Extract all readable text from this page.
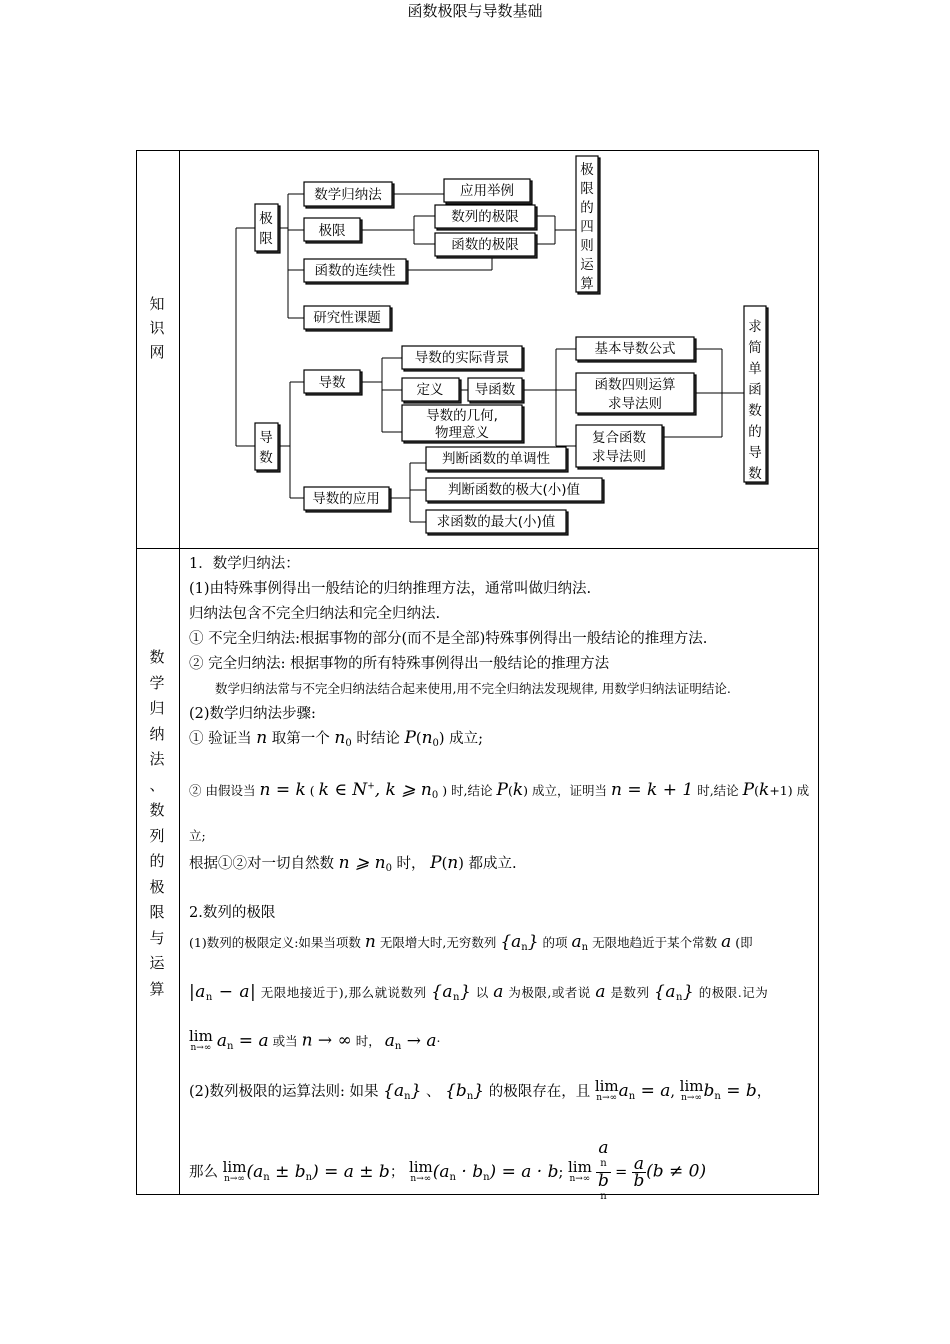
函数极限与导数基础
知
识
网
数
学
归
纳
法
、
数
列
的
极
限
与
运
算
极
限
数学归纳法	应用举例
极限
数列的极限
函数的极限
函数的连续性
研究性课题
极
限
的
四
则
运
算
导
数
导数
导数的实际背景
定义 导函数
导数的几何,
物理意义
基本导数公式
函数四则运算
求导法则
复合函数
求导法则
求
简
单
函
数
的
导
数
导数的应用
判断函数的单调性
判断函数的极大(小)值
求函数的最大(小)值
1．数学归纳法：
(1)由特殊事例得出一般结论的归纳推理方法，通常叫做归纳法.
归纳法包含不完全归纳法和完全归纳法.
① 不完全归纳法:根据事物的部分(而不是全部)特殊事例得出一般结论的推理方法.
② 完全归纳法: 根据事物的所有特殊事例得出一般结论的推理方法
数学归纳法常与不完全归纳法结合起来使用,用不完全归纳法发现规律, 用数学归纳法证明结论.
(2)数学归纳法步骤:
① 验证当 n 取第一个 $n_0$ 时结论 $P(n_0)$ 成立;
② 由假设当 n = k ( k ∈ N+, k ⩾ $n_0$ ) 时,结论 P(k) 成立，证明当 n = k + 1 时,结论 P(k+1) 成
立;
根据①②对一切自然数 n ⩾ $n_0$ 时， P(n) 都成立.
2.数列的极限
(1)数列的极限定义:如果当项数 n 无限增大时,无穷数列 $\{a_n\}$ 的项 $a_n$ 无限地趋近于某个常数 a (即
$|a_n - a|$ 无限地接近于),那么就说数列 $\{a_n\}$ 以 a 为极限,或者说 a 是数列 $\{a_n\}$ 的极限.记为
lim
n→∞ $a_n = a$ 或当 n → ∞ 时， $a_n \to a\cdot$
(2)数列极限的运算法则: 如果 $\{a_n\}$ 、 $\{b_n\}$ 的极限存在，且 lim
n→∞ $a_n = a$, lim
n→∞ $b_n = b$，
那么 lim
n→∞ $(a_n \pm b_n) = a \pm b$； lim
n→∞ $(a_n \cdot b_n) = a \cdot b$; lim
n→∞
a
n
b
$n = \frac{a}{b} (b \ne 0)$
